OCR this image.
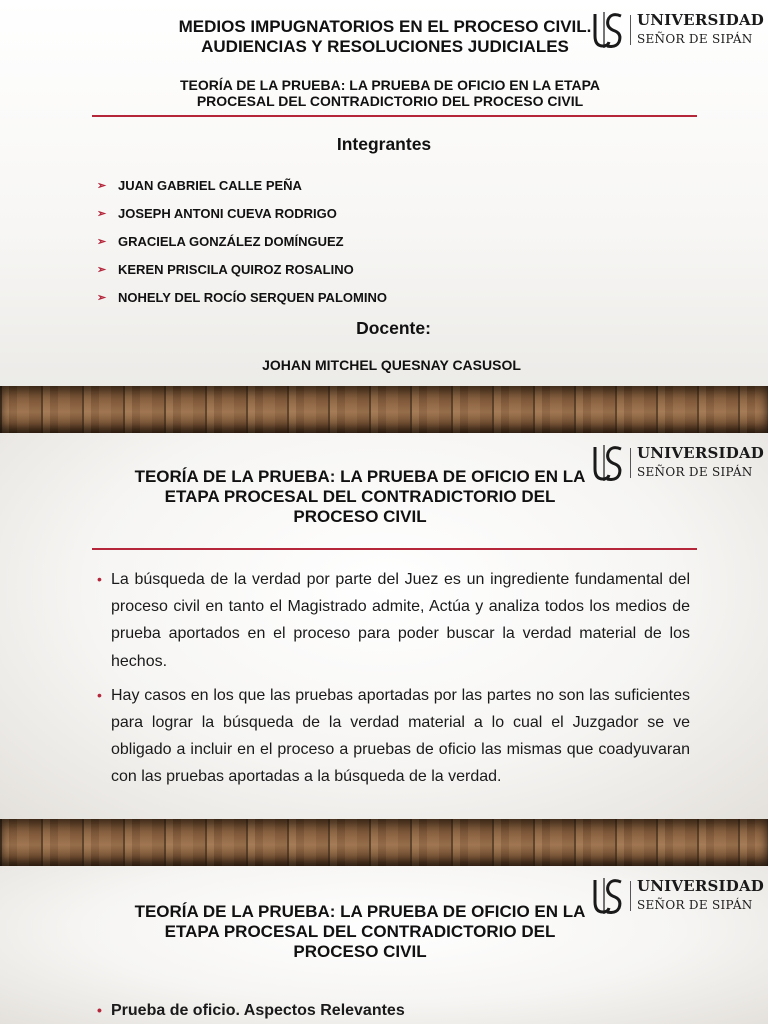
MEDIOS IMPUGNATORIOS EN EL PROCESO CIVIL.
AUDIENCIAS Y RESOLUCIONES JUDICIALES
UNIVERSIDAD
SEÑOR DE SIPÁN
TEORÍA DE LA PRUEBA: LA PRUEBA DE OFICIO EN LA ETAPA
PROCESAL DEL CONTRADICTORIO DEL PROCESO CIVIL
Integrantes
➢ JUAN GABRIEL CALLE PEÑA
➢ JOSEPH ANTONI CUEVA RODRIGO
➢ GRACIELA GONZÁLEZ DOMÍNGUEZ
➢ KEREN PRISCILA QUIROZ ROSALINO
➢ NOHELY DEL ROCÍO SERQUEN PALOMINO
Docente:
JOHAN MITCHEL QUESNAY CASUSOL
UNIVERSIDAD
SEÑOR DE SIPÁN
TEORÍA DE LA PRUEBA: LA PRUEBA DE OFICIO EN LA
ETAPA PROCESAL DEL CONTRADICTORIO DEL
PROCESO CIVIL
• La búsqueda de la verdad por parte del Juez es un ingrediente fundamental del proceso civil en tanto el Magistrado admite, Actúa y analiza todos los medios de prueba aportados en el proceso para poder buscar la verdad material de los hechos.
• Hay casos en los que las pruebas aportadas por las partes no son las suficientes para lograr la búsqueda de la verdad material a lo cual el Juzgador se ve obligado a incluir en el proceso a pruebas de oficio las mismas que coadyuvaran con las pruebas aportadas a la búsqueda de la verdad.
UNIVERSIDAD
SEÑOR DE SIPÁN
TEORÍA DE LA PRUEBA: LA PRUEBA DE OFICIO EN LA
ETAPA PROCESAL DEL CONTRADICTORIO DEL
PROCESO CIVIL
• Prueba de oficio. Aspectos Relevantes
